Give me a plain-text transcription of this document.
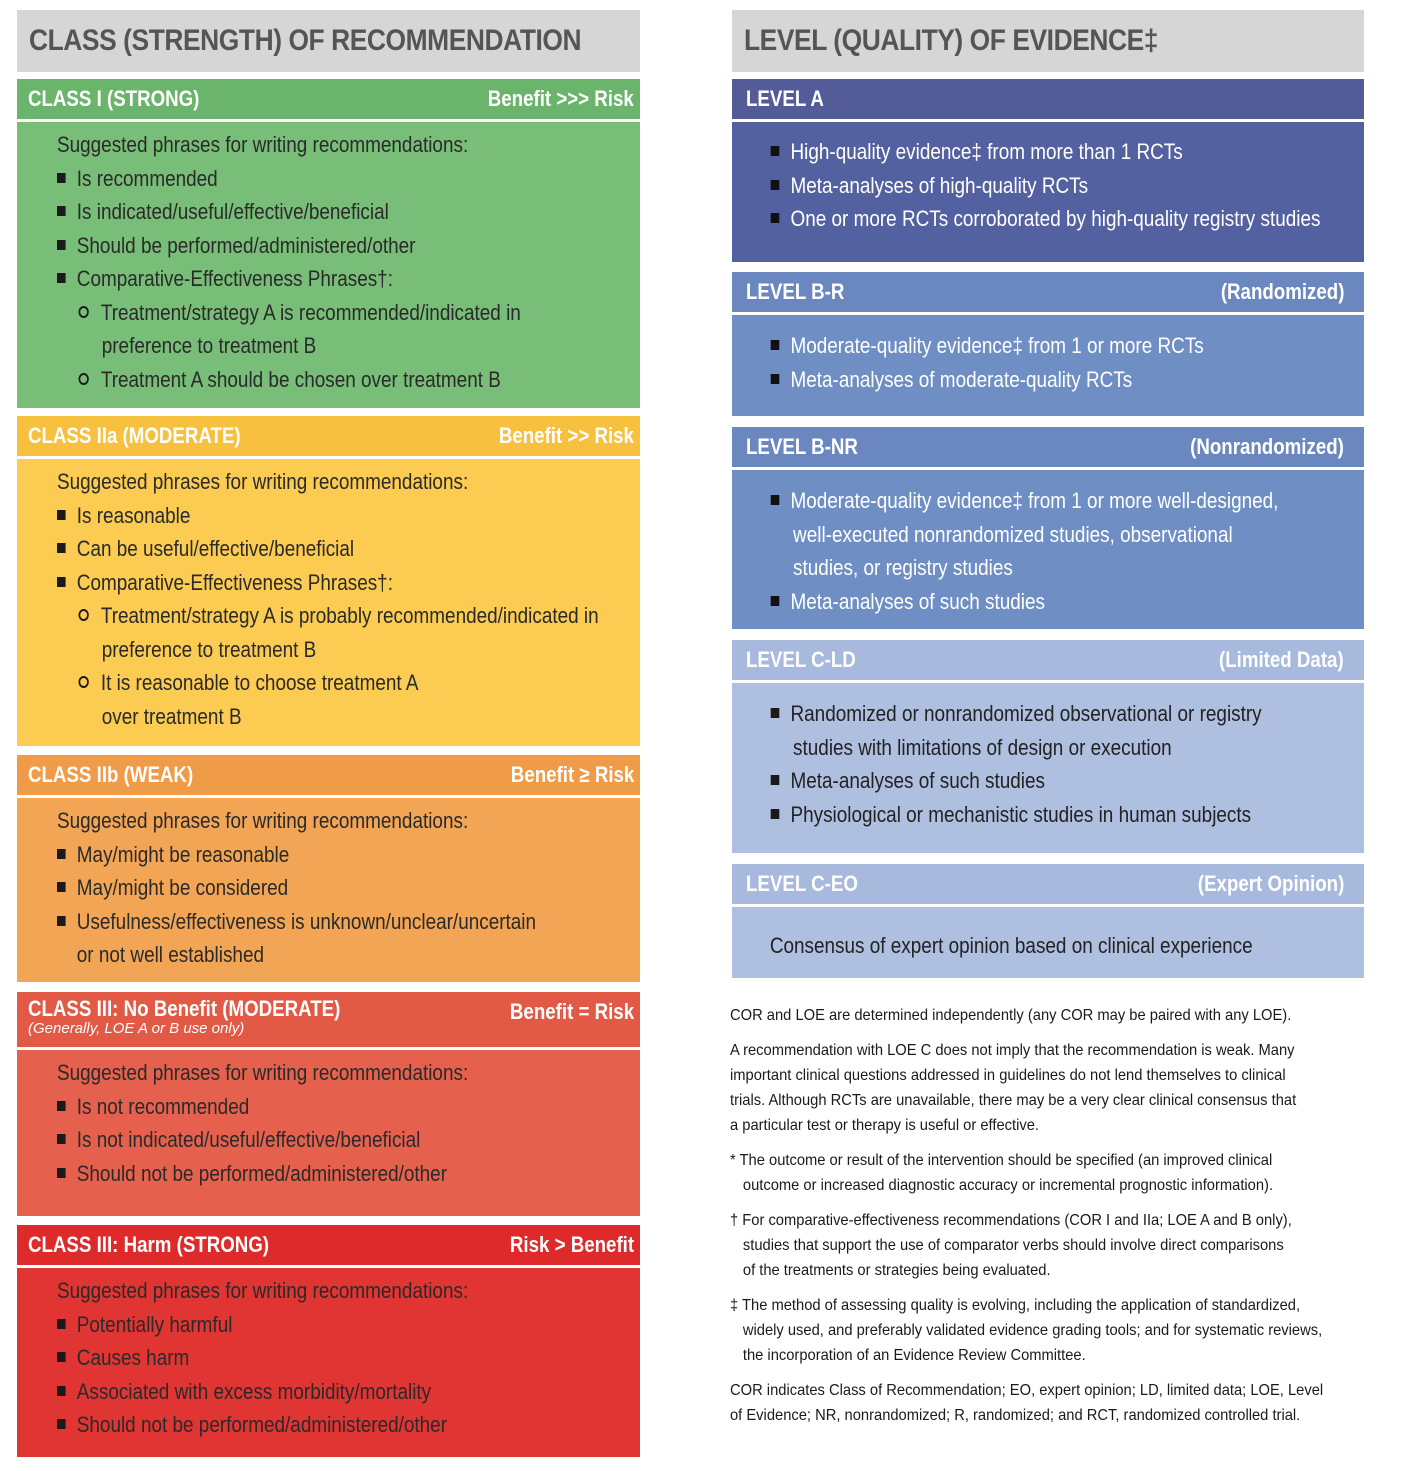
CLASS (STRENGTH) OF RECOMMENDATION
CLASS I (STRONG)	Benefit >>> Risk
Suggested phrases for writing recommendations:
Is recommended
Is indicated/useful/effective/beneficial
Should be performed/administered/other
Comparative-Effectiveness Phrases†:
Treatment/strategy A is recommended/indicated in
preference to treatment B
Treatment A should be chosen over treatment B
CLASS IIa (MODERATE)	Benefit >> Risk
Suggested phrases for writing recommendations:
Is reasonable
Can be useful/effective/beneficial
Comparative-Effectiveness Phrases†:
Treatment/strategy A is probably recommended/indicated in
preference to treatment B
It is reasonable to choose treatment A
over treatment B
CLASS IIb (WEAK)	Benefit ≥ Risk
Suggested phrases for writing recommendations:
May/might be reasonable
May/might be considered
Usefulness/effectiveness is unknown/unclear/uncertain
or not well established
CLASS III: No Benefit (MODERATE)
(Generally, LOE A or B use only)
Benefit = Risk
Suggested phrases for writing recommendations:
Is not recommended
Is not indicated/useful/effective/beneficial
Should not be performed/administered/other
CLASS III: Harm (STRONG)	Risk > Benefit
Suggested phrases for writing recommendations:
Potentially harmful
Causes harm
Associated with excess morbidity/mortality
Should not be performed/administered/other
LEVEL (QUALITY) OF EVIDENCE‡
LEVEL A
High-quality evidence‡ from more than 1 RCTs
Meta-analyses of high-quality RCTs
One or more RCTs corroborated by high-quality registry studies
LEVEL B-R	(Randomized)
Moderate-quality evidence‡ from 1 or more RCTs
Meta-analyses of moderate-quality RCTs
LEVEL B-NR	(Nonrandomized)
Moderate-quality evidence‡ from 1 or more well-designed,
well-executed nonrandomized studies, observational
studies, or registry studies
Meta-analyses of such studies
LEVEL C-LD	(Limited Data)
Randomized or nonrandomized observational or registry
studies with limitations of design or execution
Meta-analyses of such studies
Physiological or mechanistic studies in human subjects
LEVEL C-EO	(Expert Opinion)
Consensus of expert opinion based on clinical experience

COR and LOE are determined independently (any COR may be paired with any LOE).

A recommendation with LOE C does not imply that the recommendation is weak. Many

important clinical questions addressed in guidelines do not lend themselves to clinical

trials. Although RCTs are unavailable, there may be a very clear clinical consensus that

a particular test or therapy is useful or effective.

* The outcome or result of the intervention should be specified (an improved clinical

outcome or increased diagnostic accuracy or incremental prognostic information).

† For comparative-effectiveness recommendations (COR I and IIa; LOE A and B only),

studies that support the use of comparator verbs should involve direct comparisons

of the treatments or strategies being evaluated.

‡ The method of assessing quality is evolving, including the application of standardized,

widely used, and preferably validated evidence grading tools; and for systematic reviews,

the incorporation of an Evidence Review Committee.

COR indicates Class of Recommendation; EO, expert opinion; LD, limited data; LOE, Level

of Evidence; NR, nonrandomized; R, randomized; and RCT, randomized controlled trial.
